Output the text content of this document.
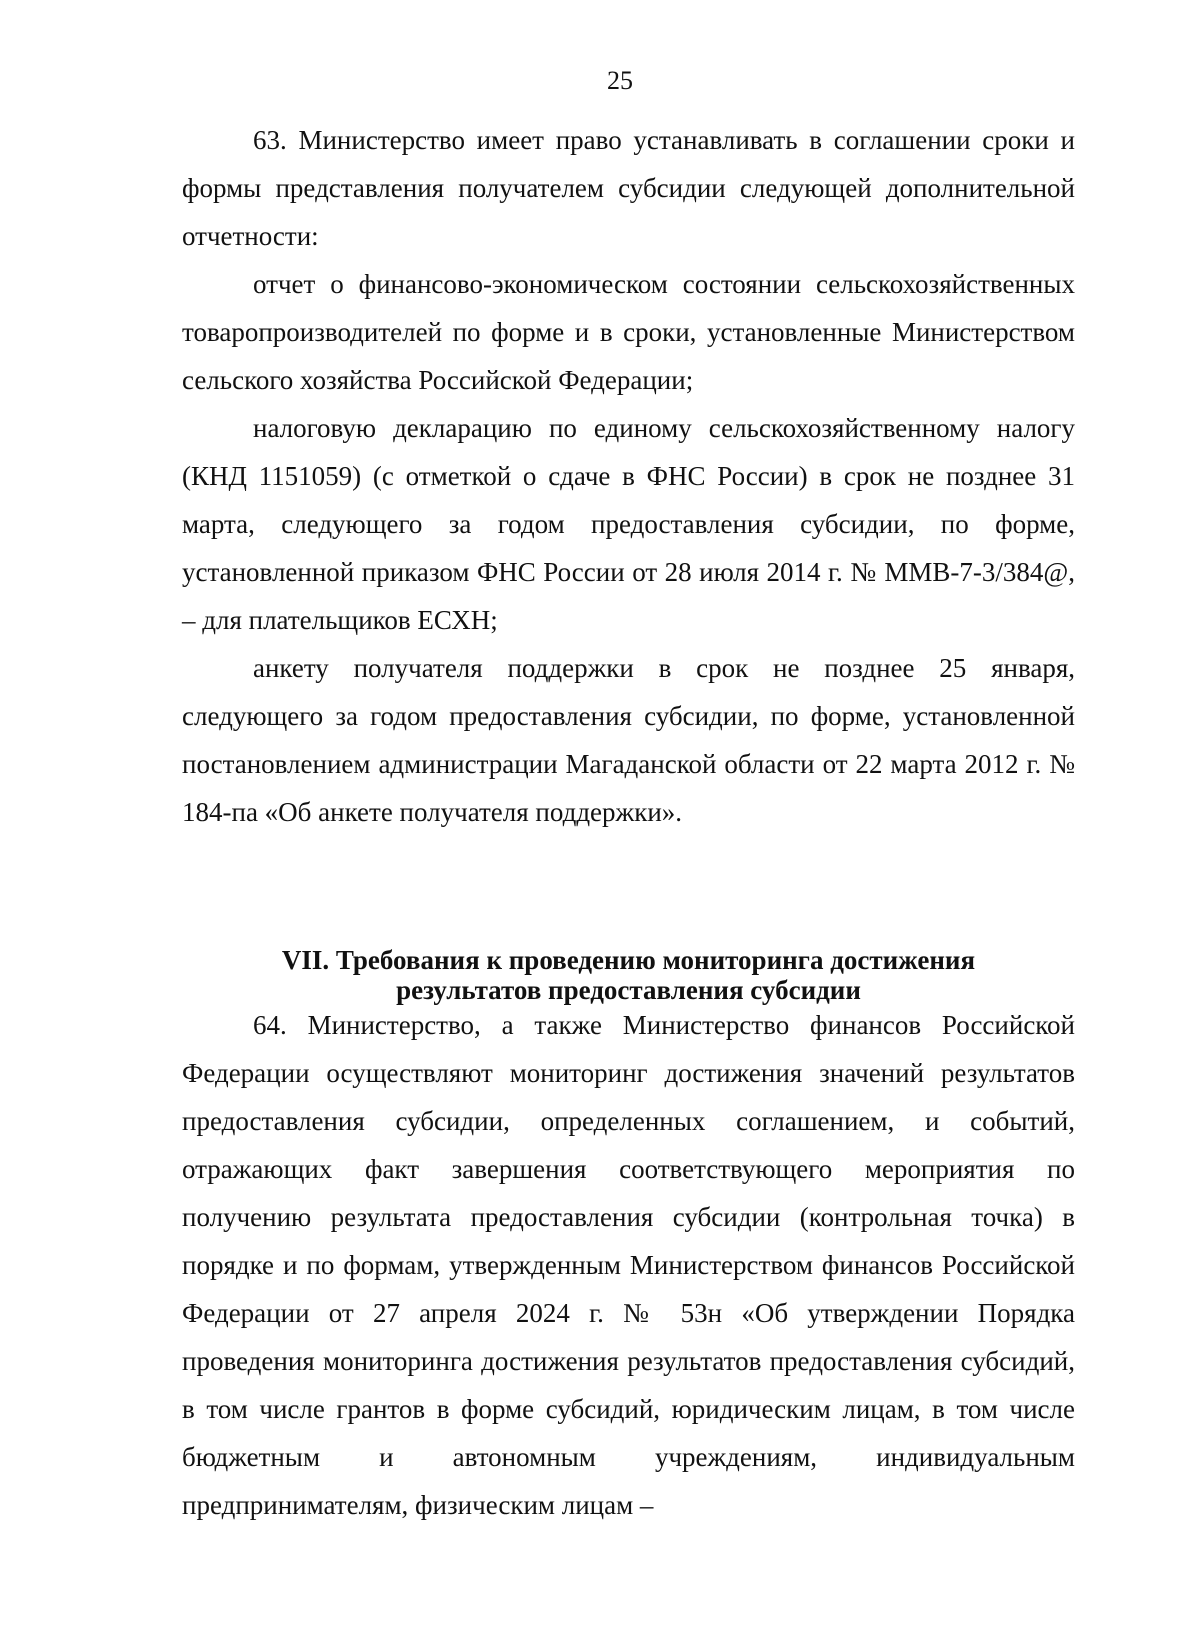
25

63. Министерство имеет право устанавливать в соглашении сроки и формы представления получателем субсидии следующей дополнительной отчетности:

отчет о финансово-экономическом состоянии сельскохозяйственных товаропроизводителей по форме и в сроки, установленные Министерством сельского хозяйства Российской Федерации;

налоговую декларацию по единому сельскохозяйственному налогу (КНД 1151059) (с отметкой о сдаче в ФНС России) в срок не позднее 31 марта, следующего за годом предоставления субсидии, по форме, установленной приказом ФНС России от 28 июля 2014 г. № ММВ-7-3/384@, – для плательщиков ЕСХН;

анкету получателя поддержки в срок не позднее 25 января, следующего за годом предоставления субсидии, по форме, установленной постановлением администрации Магаданской области от 22 марта 2012 г. № 184-па «Об анкете получателя поддержки».

VII. Требования к проведению мониторинга достижения
результатов предоставления субсидии

64. Министерство, а также Министерство финансов Российской Федерации осуществляют мониторинг достижения значений результатов предоставления субсидии, определенных соглашением, и событий, отражающих факт завершения соответствующего мероприятия по получению результата предоставления субсидии (контрольная точка) в порядке и по формам, утвержденным Министерством финансов Российской Федерации от 27 апреля 2024 г. № 53н «Об утверждении Порядка проведения мониторинга достижения результатов предоставления субсидий, в том числе грантов в форме субсидий, юридическим лицам, в том числе бюджетным и автономным учреждениям, индивидуальным предпринимателям, физическим лицам –
